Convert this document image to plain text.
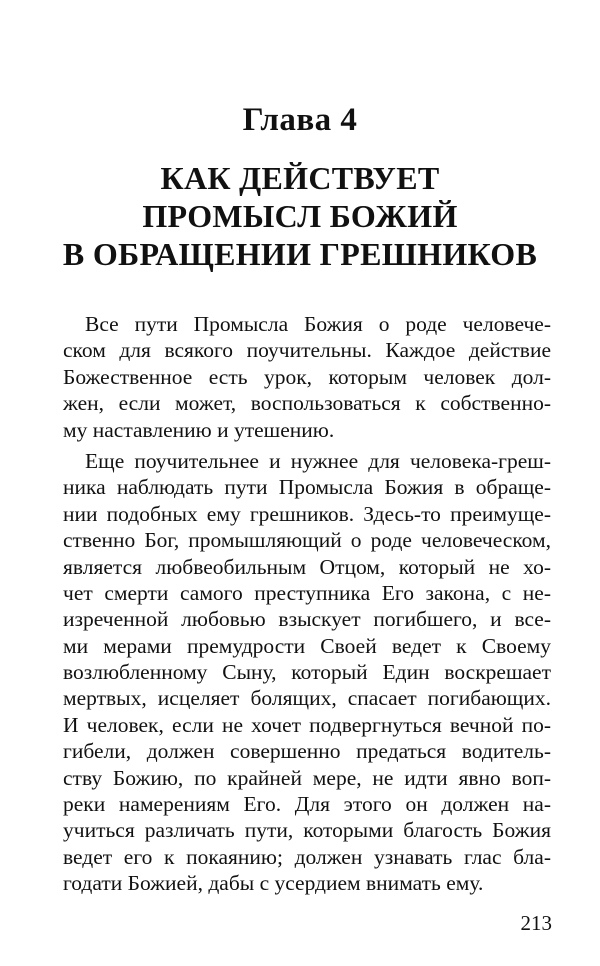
Глава 4
КАК ДЕЙСТВУЕТ
ПРОМЫСЛ БОЖИЙ
В ОБРАЩЕНИИ ГРЕШНИКОВ
Все пути Промысла Божия о роде человече-
ском для всякого поучительны. Каждое действие
Божественное есть урок, которым человек дол-
жен, если может, воспользоваться к собственно-
му наставлению и утешению.
Еще поучительнее и нужнее для человека-греш-
ника наблюдать пути Промысла Божия в обраще-
нии подобных ему грешников. Здесь-то преимуще-
ственно Бог, промышляющий о роде человеческом,
является любвеобильным Отцом, который не хо-
чет смерти самого преступника Его закона, с не-
изреченной любовью взыскует погибшего, и все-
ми мерами премудрости Своей ведет к Своему
возлюбленному Сыну, который Един воскрешает
мертвых, исцеляет болящих, спасает погибающих.
И человек, если не хочет подвергнуться вечной по-
гибели, должен совершенно предаться водитель-
ству Божию, по крайней мере, не идти явно воп-
реки намерениям Его. Для этого он должен на-
учиться различать пути, которыми благость Божия
ведет его к покаянию; должен узнавать глас бла-
годати Божией, дабы с усердием внимать ему.
213
